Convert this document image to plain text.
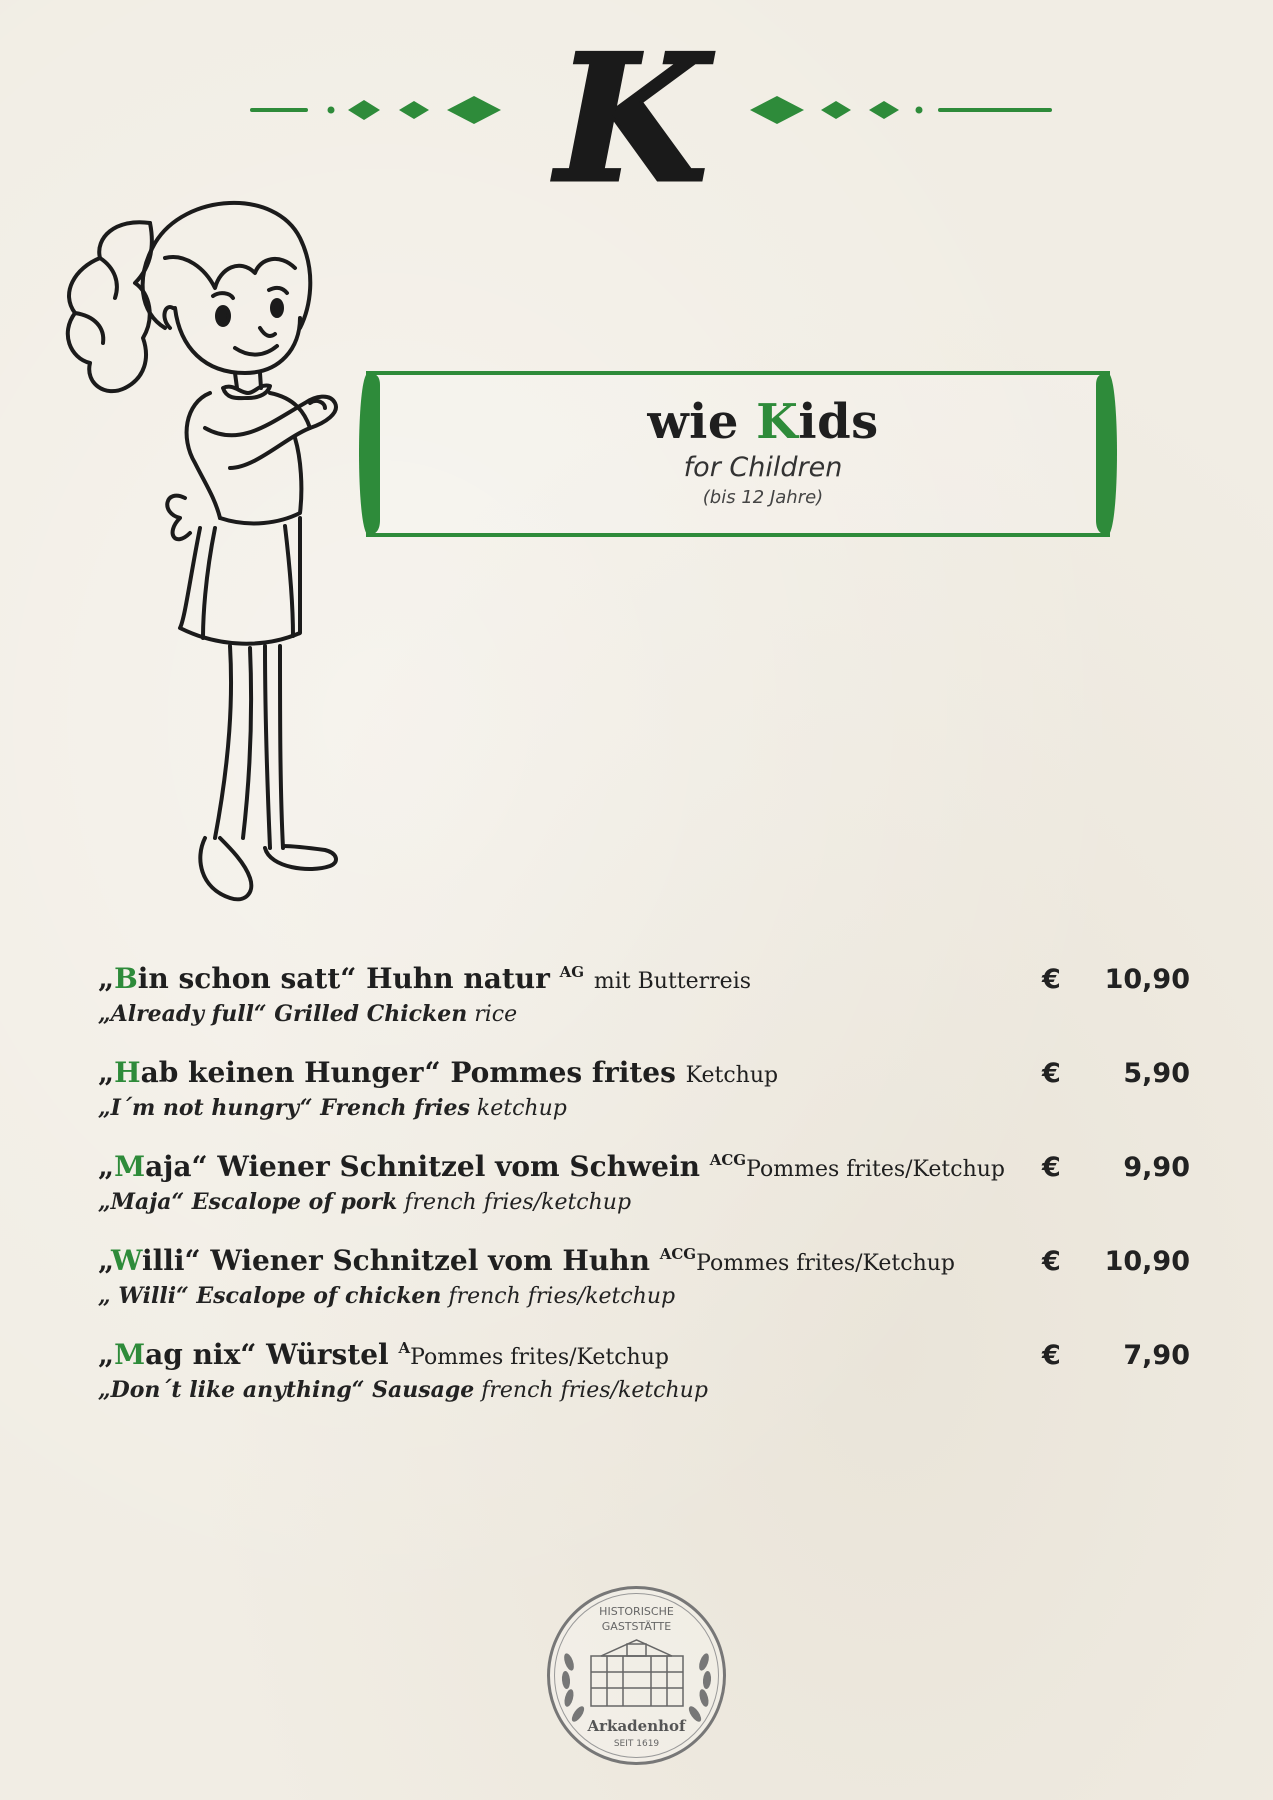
K
wie Kids
for Children
(bis 12 Jahre)
„Bin schon satt“ Huhn natur $^{AG}$ mit Butterreis
„Already full“ Grilled Chicken rice
€	10,90
„Hab keinen Hunger“ Pommes frites Ketchup
„I´m not hungry“ French fries ketchup
€	5,90
„Maja“ Wiener Schnitzel vom Schwein $^{ACG}$Pommes frites/Ketchup
„Maja“ Escalope of pork french fries/ketchup
€	9,90
„Willi“ Wiener Schnitzel vom Huhn $^{ACG}$Pommes frites/Ketchup
„ Willi“ Escalope of chicken french fries/ketchup
€	10,90
„Mag nix“ Würstel $^A$Pommes frites/Ketchup
„Don´t like anything“ Sausage french fries/ketchup
€	7,90
HISTORISCHE
GASTSTÄTTE
Arkadenhof
SEIT 1619
